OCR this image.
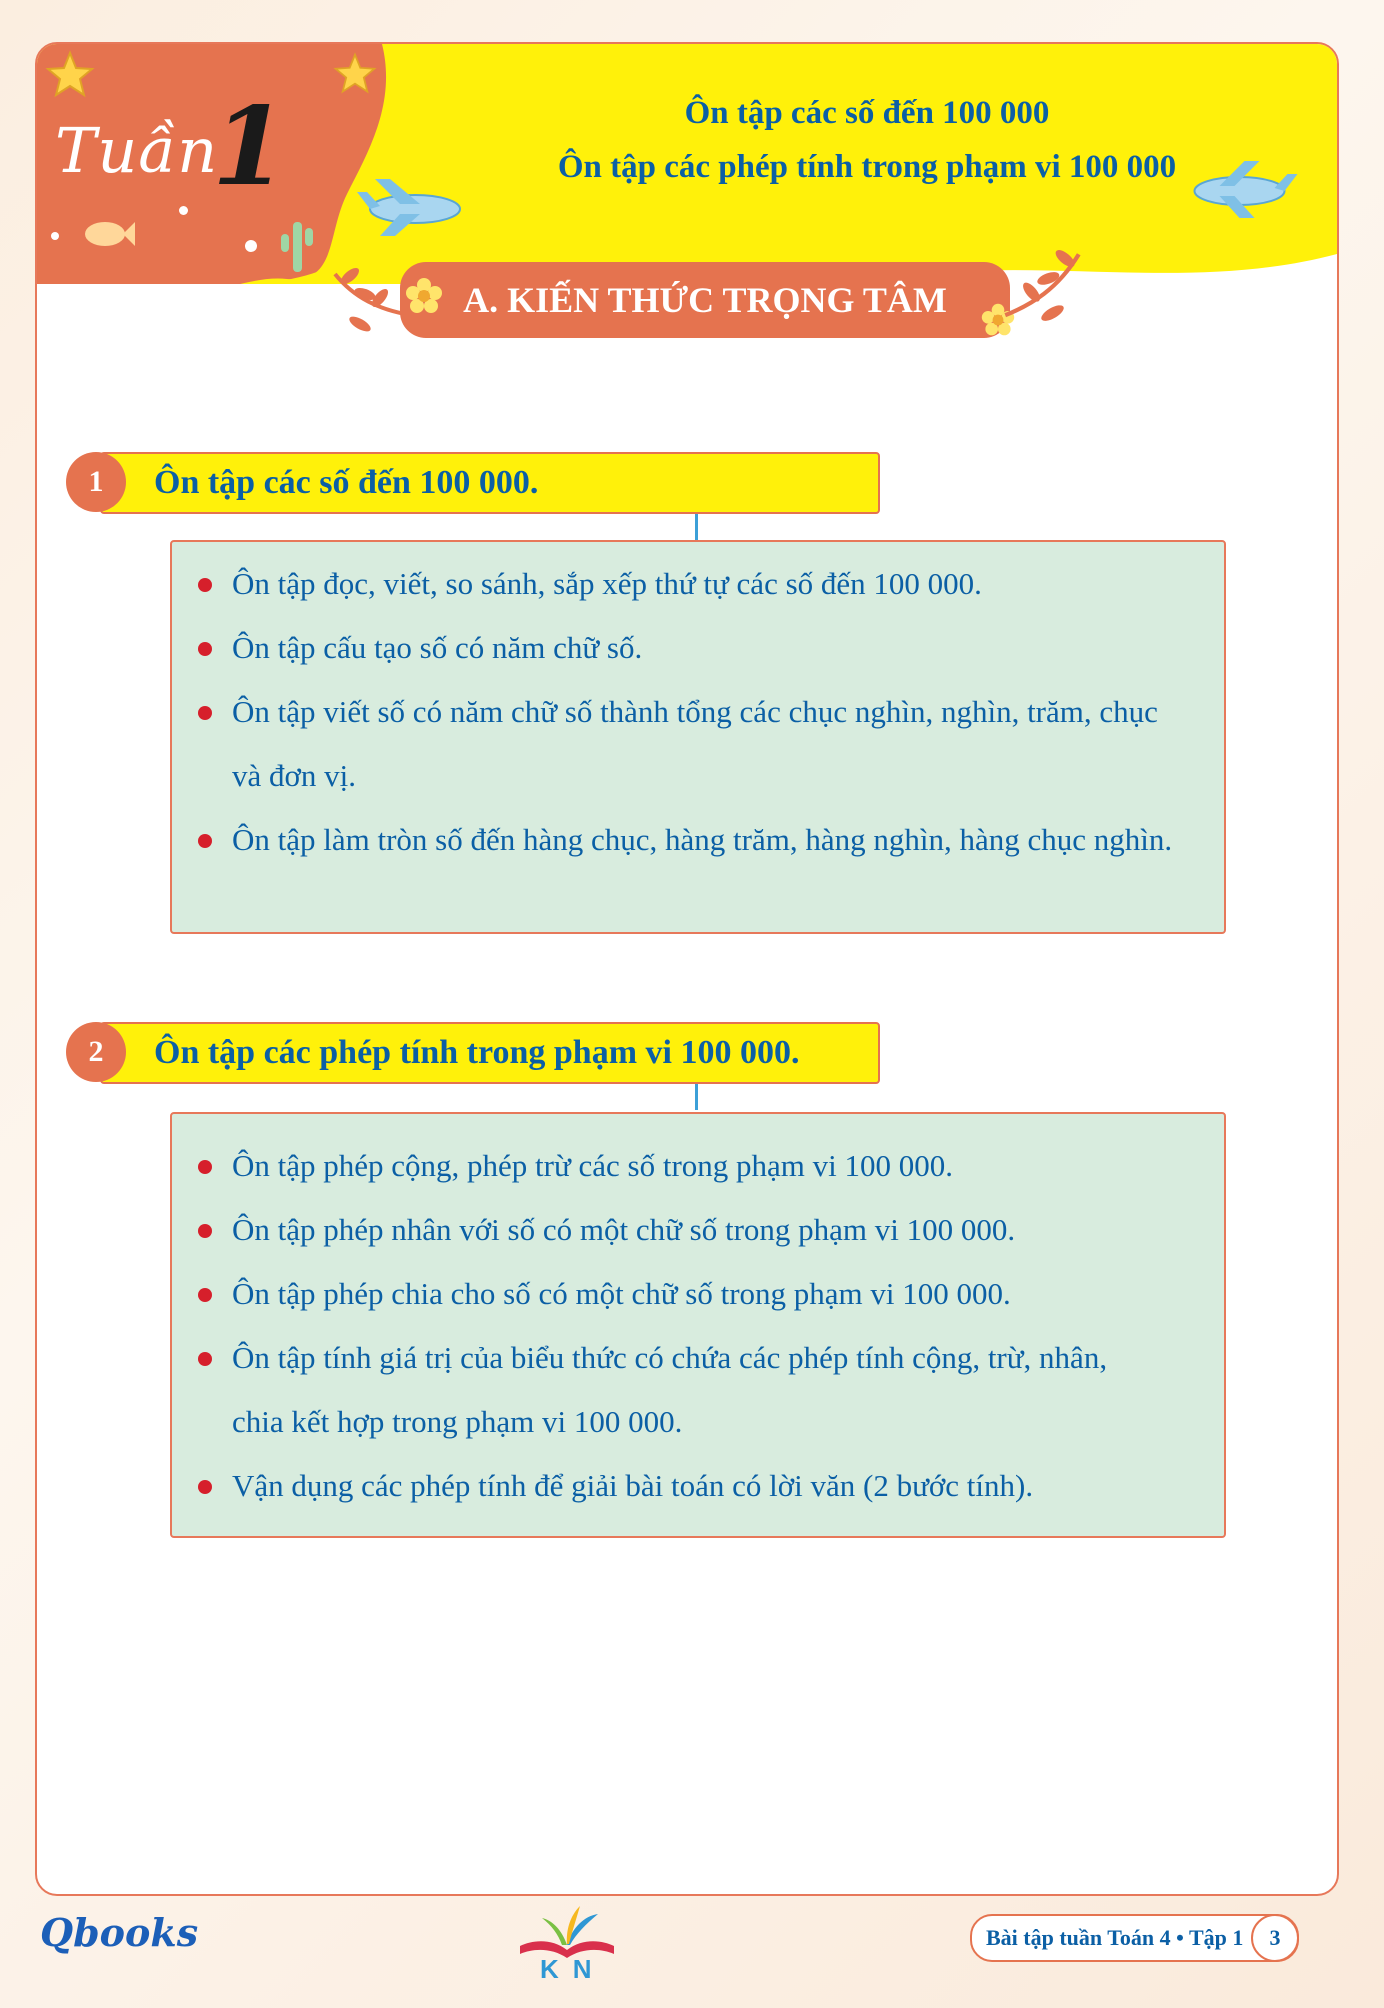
Tuần
1	Ôn tập các số đến 100 000
Ôn tập các phép tính trong phạm vi 100 000
A. KIẾN THỨC TRỌNG TÂM
1	Ôn tập các số đến 100 000.
Ôn tập đọc, viết, so sánh, sắp xếp thứ tự các số đến 100 000.
Ôn tập cấu tạo số có năm chữ số.
Ôn tập viết số có năm chữ số thành tổng các chục nghìn, nghìn, trăm, chục và đơn vị.
Ôn tập làm tròn số đến hàng chục, hàng trăm, hàng nghìn, hàng chục nghìn.
2	Ôn tập các phép tính trong phạm vi 100 000.
Ôn tập phép cộng, phép trừ các số trong phạm vi 100 000.
Ôn tập phép nhân với số có một chữ số trong phạm vi 100 000.
Ôn tập phép chia cho số có một chữ số trong phạm vi 100 000.
Ôn tập tính giá trị của biểu thức có chứa các phép tính cộng, trừ, nhân, chia kết hợp trong phạm vi 100 000.
Vận dụng các phép tính để giải bài toán có lời văn (2 bước tính).
Qbooks
KN
Bài tập tuần Toán 4 • Tập 1	3
